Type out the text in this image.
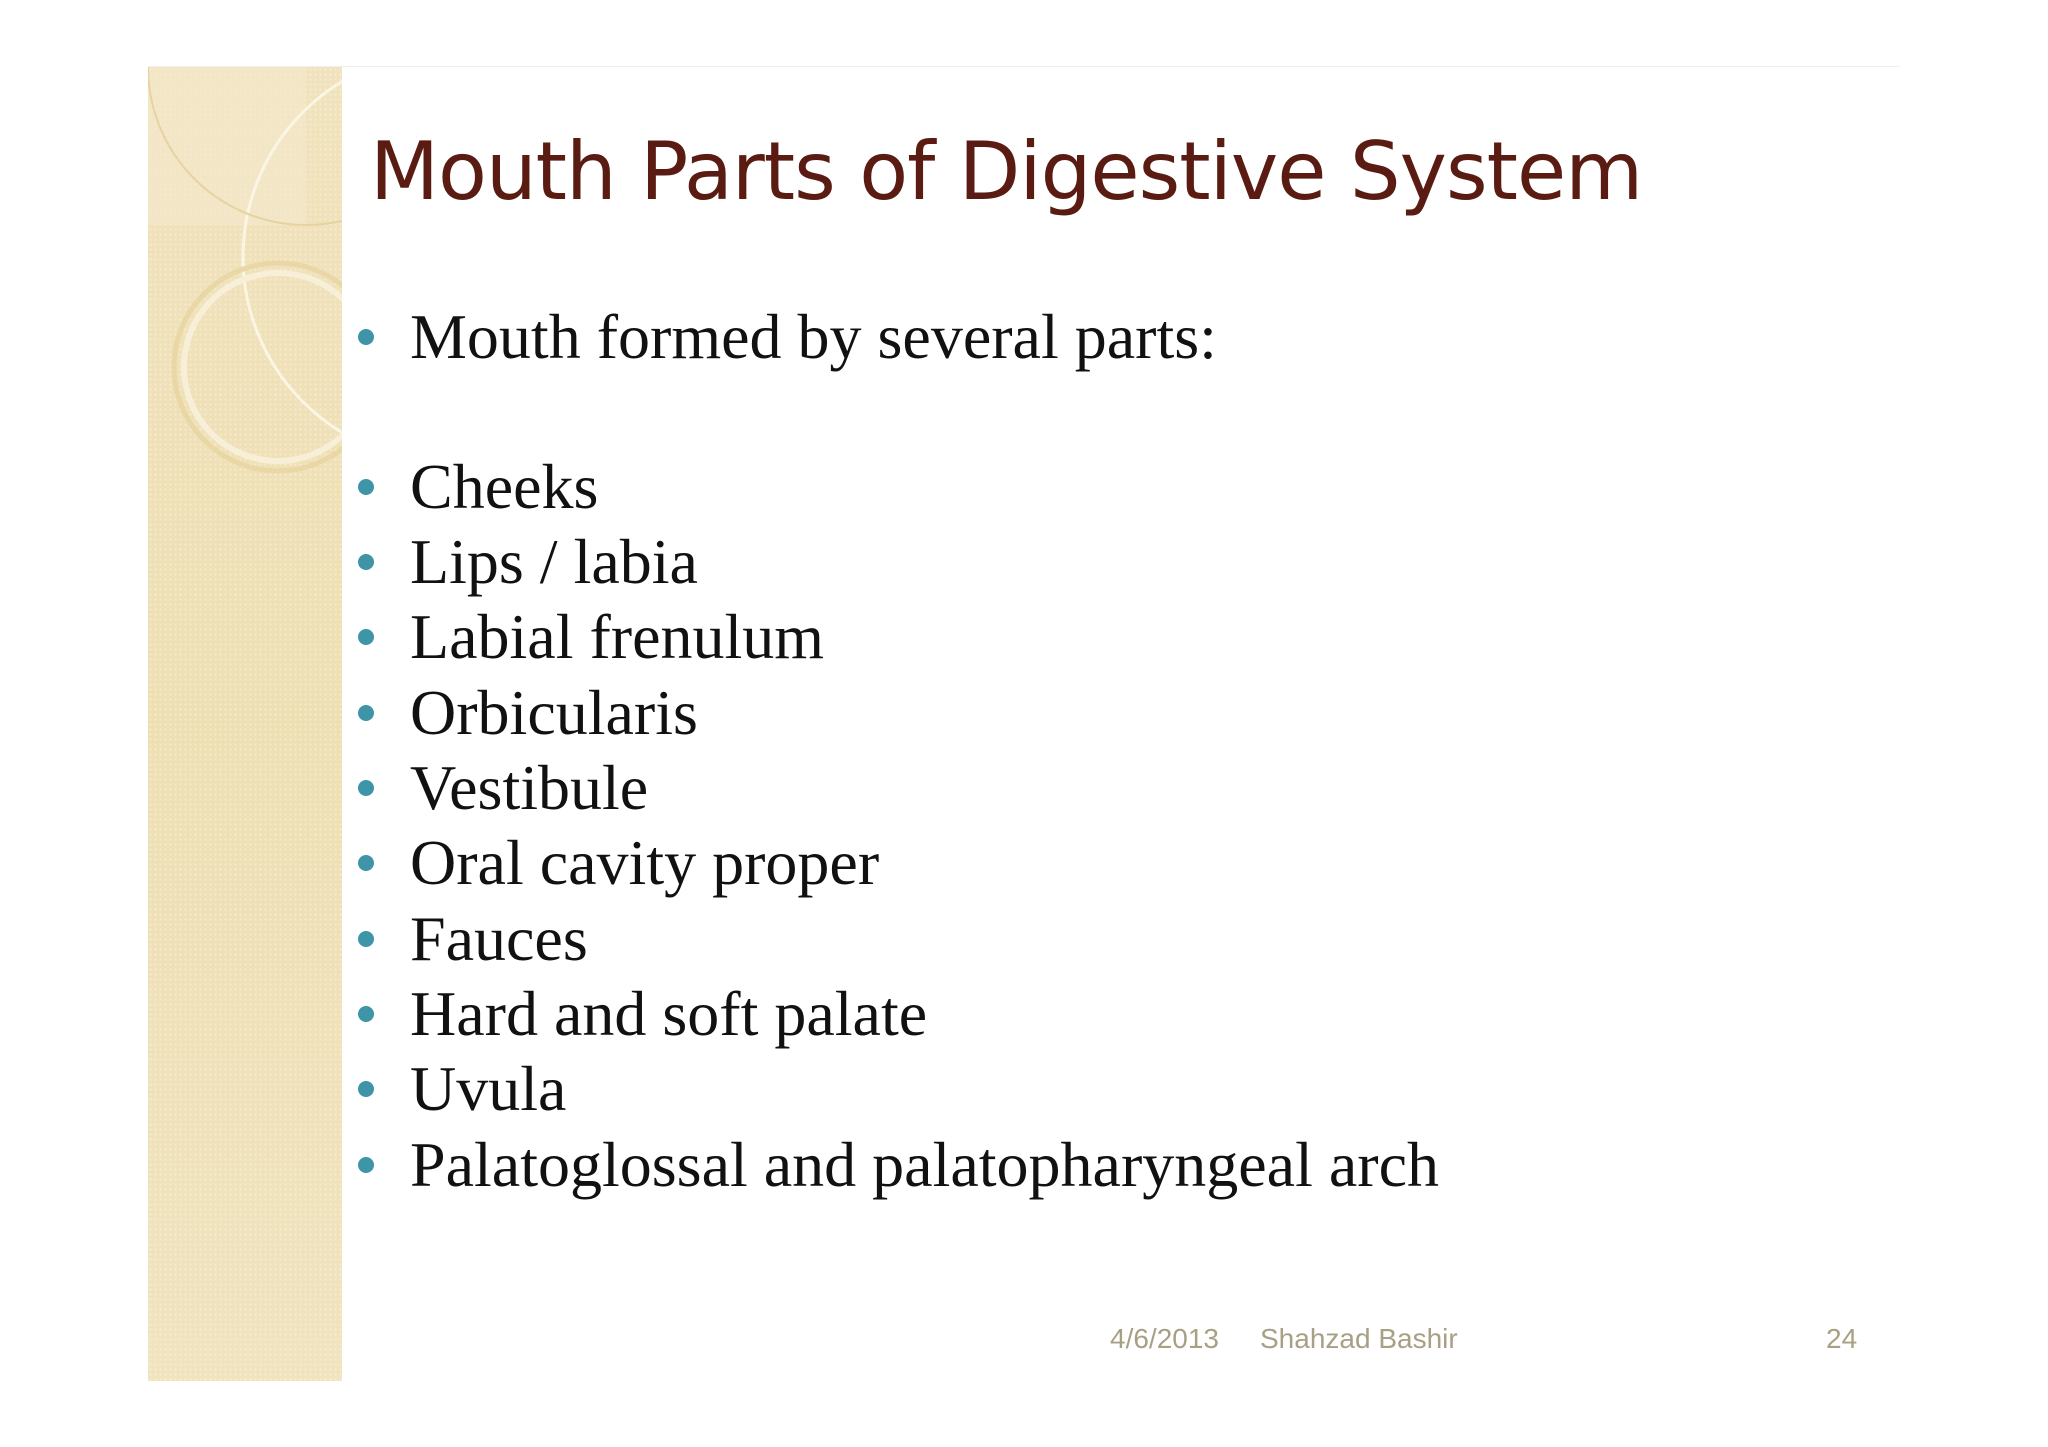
Mouth Parts of Digestive System
Mouth formed by several parts:
Cheeks
Lips / labia
Labial frenulum
Orbicularis
Vestibule
Oral cavity proper
Fauces
Hard and soft palate
Uvula
Palatoglossal and palatopharyngeal arch
4/6/2013 Shahzad Bashir	24
